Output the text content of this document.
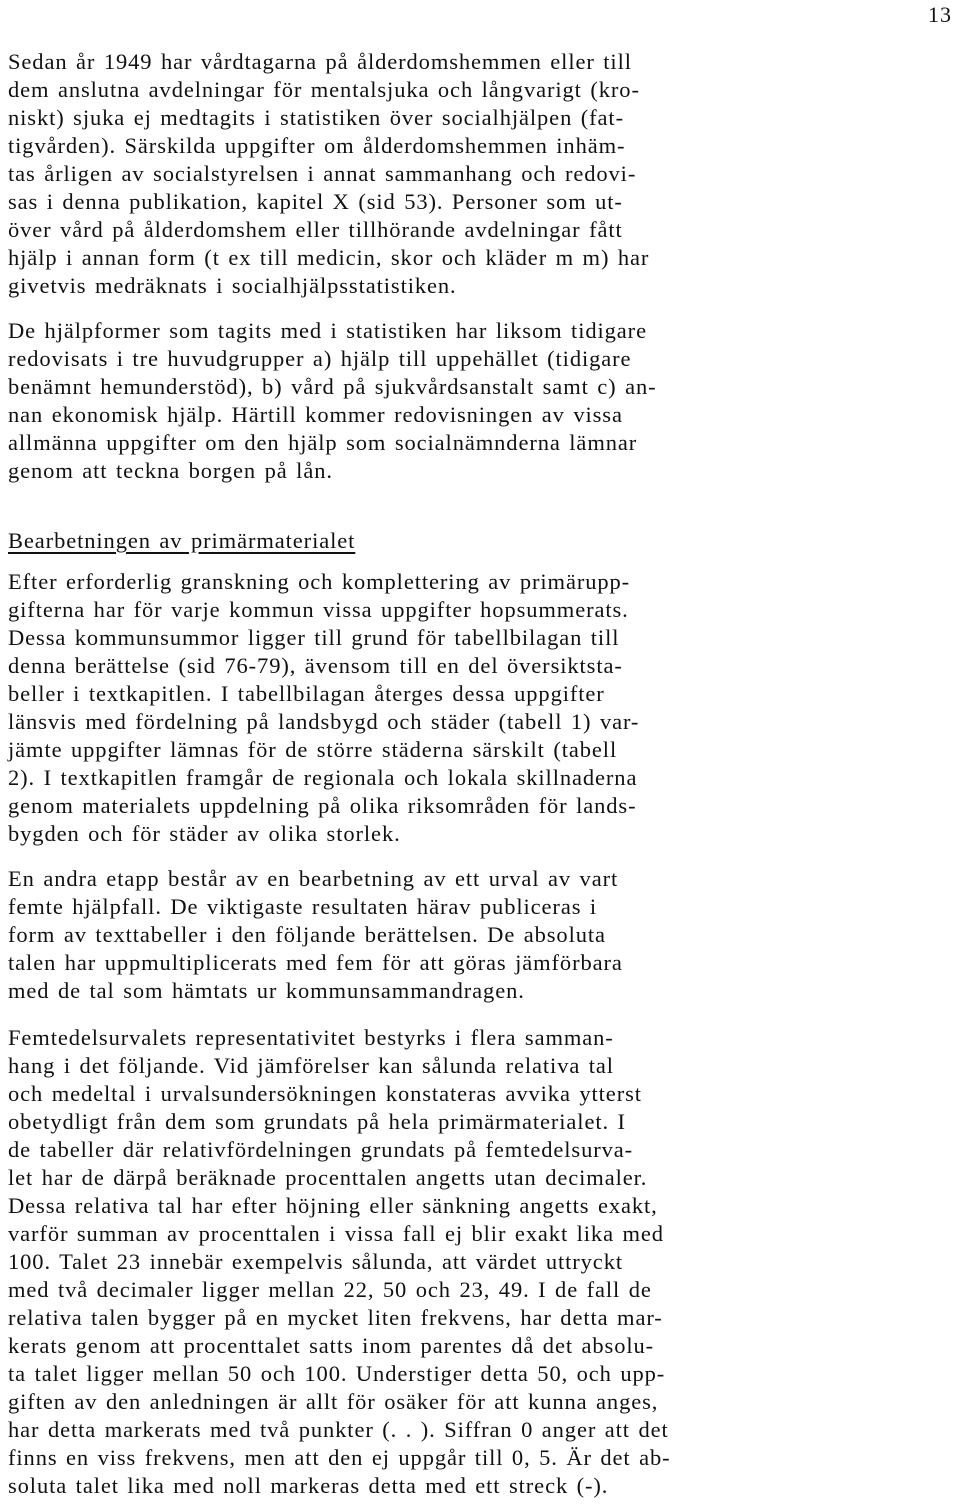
13
Sedan år 1949 har vårdtagarna på ålderdomshemmen eller till
dem anslutna avdelningar för mentalsjuka och långvarigt (kro-
niskt) sjuka ej medtagits i statistiken över socialhjälpen (fat-
tigvården). Särskilda uppgifter om ålderdomshemmen inhäm-
tas årligen av socialstyrelsen i annat sammanhang och redovi-
sas i denna publikation, kapitel X (sid 53). Personer som ut-
över vård på ålderdomshem eller tillhörande avdelningar fått
hjälp i annan form (t ex till medicin, skor och kläder m m) har
givetvis medräknats i socialhjälpsstatistiken.
De hjälpformer som tagits med i statistiken har liksom tidigare
redovisats i tre huvudgrupper a) hjälp till uppehället (tidigare
benämnt hemunderstöd), b) vård på sjukvårdsanstalt samt c) an-
nan ekonomisk hjälp. Härtill kommer redovisningen av vissa
allmänna uppgifter om den hjälp som socialnämnderna lämnar
genom att teckna borgen på lån.
Bearbetningen av primärmaterialet
Efter erforderlig granskning och komplettering av primärupp-
gifterna har för varje kommun vissa uppgifter hopsummerats.
Dessa kommunsummor ligger till grund för tabellbilagan till
denna berättelse (sid 76-79), ävensom till en del översiktsta-
beller i textkapitlen. I tabellbilagan återges dessa uppgifter
länsvis med fördelning på landsbygd och städer (tabell 1) var-
jämte uppgifter lämnas för de större städerna särskilt (tabell
2). I textkapitlen framgår de regionala och lokala skillnaderna
genom materialets uppdelning på olika riksområden för lands-
bygden och för städer av olika storlek.
En andra etapp består av en bearbetning av ett urval av vart
femte hjälpfall. De viktigaste resultaten härav publiceras i
form av texttabeller i den följande berättelsen. De absoluta
talen har uppmultiplicerats med fem för att göras jämförbara
med de tal som hämtats ur kommunsammandragen.
Femtedelsurvalets representativitet bestyrks i flera samman-
hang i det följande. Vid jämförelser kan sålunda relativa tal
och medeltal i urvalsundersökningen konstateras avvika ytterst
obetydligt från dem som grundats på hela primärmaterialet. I
de tabeller där relativfördelningen grundats på femtedelsurva-
let har de därpå beräknade procenttalen angetts utan decimaler.
Dessa relativa tal har efter höjning eller sänkning angetts exakt,
varför summan av procenttalen i vissa fall ej blir exakt lika med
100. Talet 23 innebär exempelvis sålunda, att värdet uttryckt
med två decimaler ligger mellan 22, 50 och 23, 49. I de fall de
relativa talen bygger på en mycket liten frekvens, har detta mar-
kerats genom att procenttalet satts inom parentes då det absolu-
ta talet ligger mellan 50 och 100. Understiger detta 50, och upp-
giften av den anledningen är allt för osäker för att kunna anges,
har detta markerats med två punkter (. . ). Siffran 0 anger att det
finns en viss frekvens, men att den ej uppgår till 0, 5. Är det ab-
soluta talet lika med noll markeras detta med ett streck (-).
